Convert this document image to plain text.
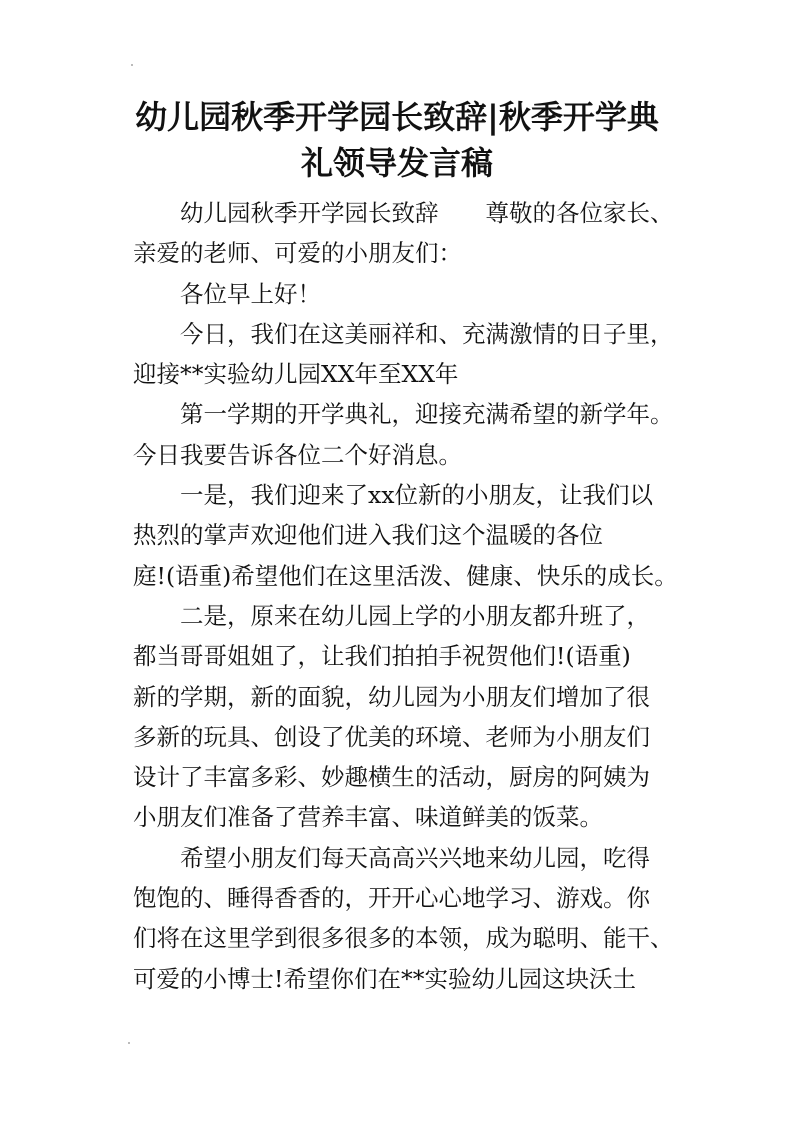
幼儿园秋季开学园长致辞|秋季开学典
礼领导发言稿
幼儿园秋季开学园长致辞　　尊敬的各位家长、
亲爱的老师、可爱的小朋友们：
各位早上好！
今日，我们在这美丽祥和、充满激情的日子里，
迎接**实验幼儿园XX年至XX年
第一学期的开学典礼，迎接充满希望的新学年。
今日我要告诉各位二个好消息。
一是，我们迎来了xx位新的小朋友，让我们以
热烈的掌声欢迎他们进入我们这个温暖的各位
庭!(语重)希望他们在这里活泼、健康、快乐的成长。
二是，原来在幼儿园上学的小朋友都升班了，
都当哥哥姐姐了，让我们拍拍手祝贺他们!(语重)
新的学期，新的面貌，幼儿园为小朋友们增加了很
多新的玩具、创设了优美的环境、老师为小朋友们
设计了丰富多彩、妙趣横生的活动，厨房的阿姨为
小朋友们准备了营养丰富、味道鲜美的饭菜。
希望小朋友们每天高高兴兴地来幼儿园，吃得
饱饱的、睡得香香的，开开心心地学习、游戏。你
们将在这里学到很多很多的本领，成为聪明、能干、
可爱的小博士!希望你们在**实验幼儿园这块沃土
